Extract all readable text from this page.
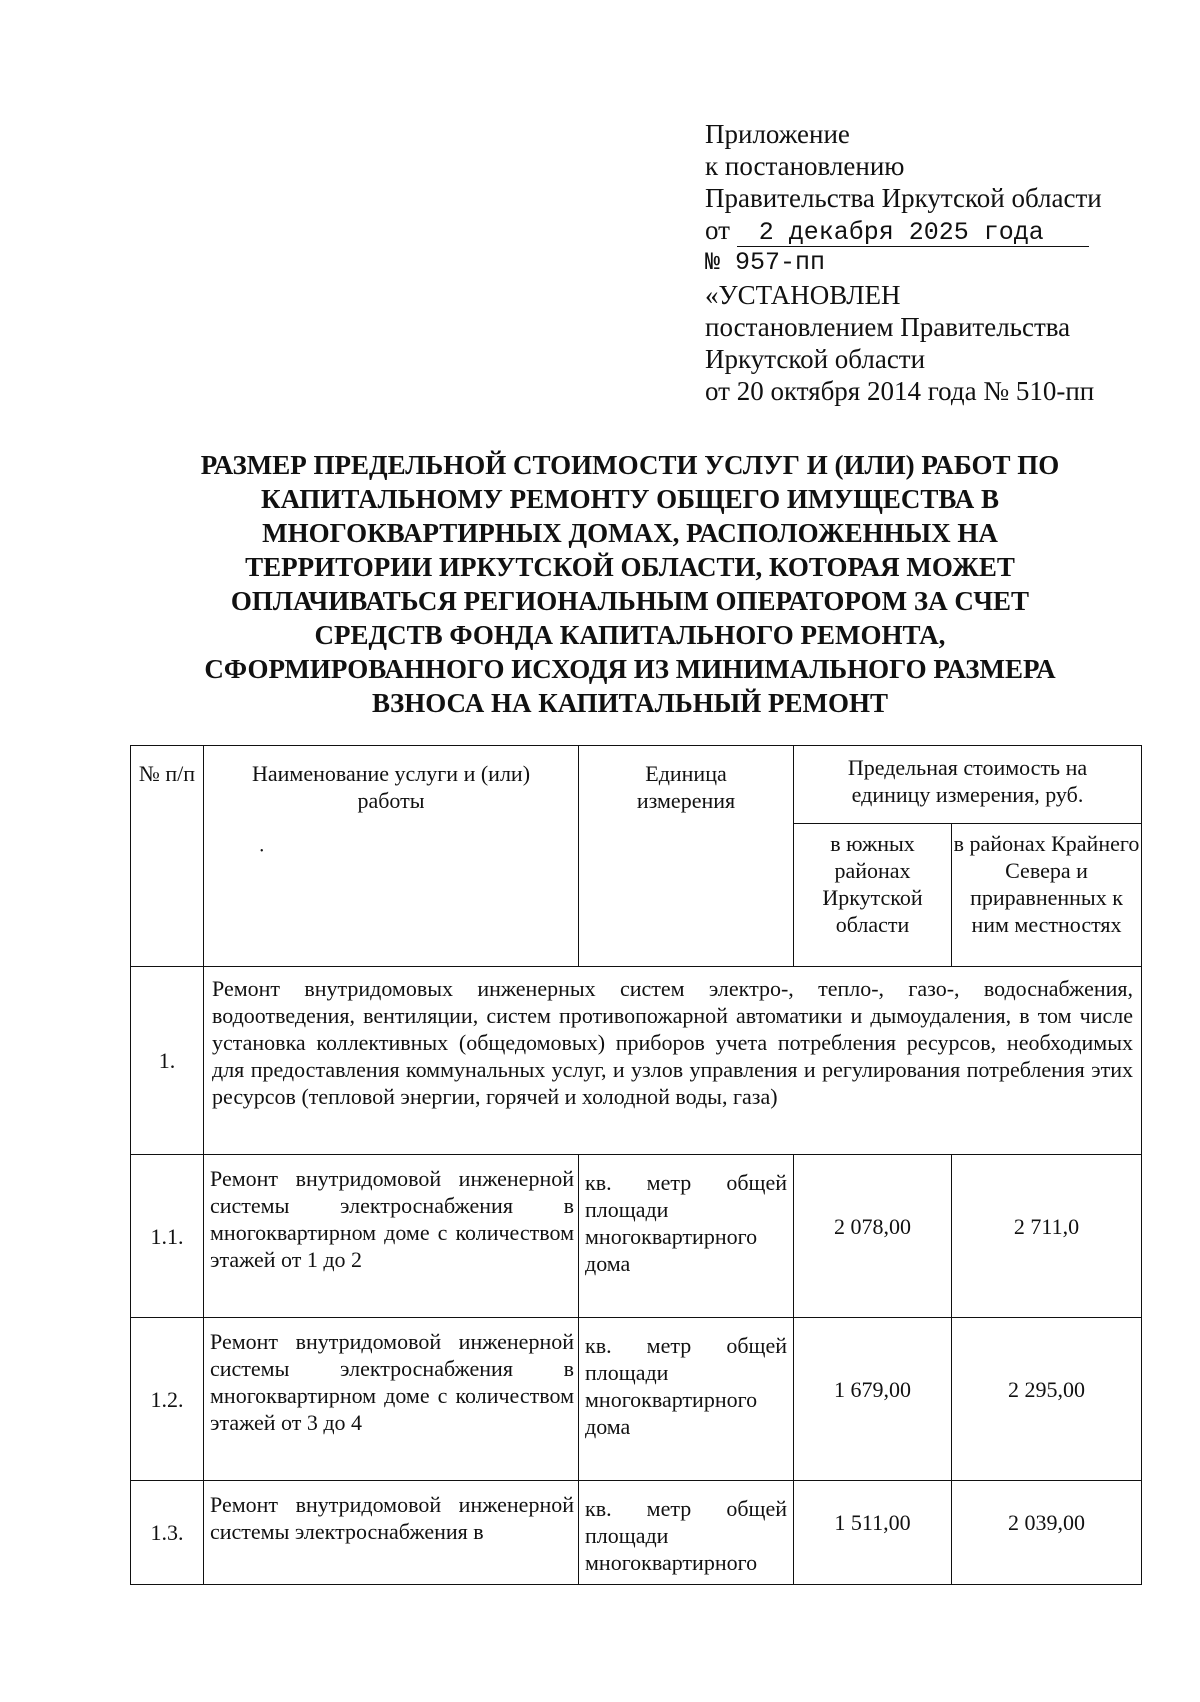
Приложение
к постановлению
Правительства Иркутской области
от 2 декабря 2025 года
№ 957-пп
«УСТАНОВЛЕН
постановлением Правительства
Иркутской области
от 20 октября 2014 года № 510-пп
РАЗМЕР ПРЕДЕЛЬНОЙ СТОИМОСТИ УСЛУГ И (ИЛИ) РАБОТ ПО
КАПИТАЛЬНОМУ РЕМОНТУ ОБЩЕГО ИМУЩЕСТВА В
МНОГОКВАРТИРНЫХ ДОМАХ, РАСПОЛОЖЕННЫХ НА
ТЕРРИТОРИИ ИРКУТСКОЙ ОБЛАСТИ, КОТОРАЯ МОЖЕТ
ОПЛАЧИВАТЬСЯ РЕГИОНАЛЬНЫМ ОПЕРАТОРОМ ЗА СЧЕТ
СРЕДСТВ ФОНДА КАПИТАЛЬНОГО РЕМОНТА,
СФОРМИРОВАННОГО ИСХОДЯ ИЗ МИНИМАЛЬНОГО РАЗМЕРА
ВЗНОСА НА КАПИТАЛЬНЫЙ РЕМОНТ
•
№ п/п	Наименование услуги и (или) работы	Единица измерения	Предельная стоимость на единицу измерения, руб.	
			в южных районах Иркутской области	в районах Крайнего Севера и приравненных к ним местностях
1.	Ремонт внутридомовых инженерных систем электро-, тепло-, газо-, водоснабжения, водоотведения, вентиляции, систем противопожарной автоматики и дымоудаления, в том числе установка коллективных (общедомовых) приборов учета потребления ресурсов, необходимых для предоставления коммунальных услуг, и узлов управления и регулирования потребления этих ресурсов (тепловой энергии, горячей и холодной воды, газа)			
1.1.	Ремонт внутридомовой инженерной системы электроснабжения в многоквартирном доме с количеством этажей от 1 до 2	кв. метр общей площади многоквартирного дома	2 078,00	2 711,0
1.2.	Ремонт внутридомовой инженерной системы электроснабжения в многоквартирном доме с количеством этажей от 3 до 4	кв. метр общей площади многоквартирного дома	1 679,00	2 295,00
1.3.	Ремонт внутридомовой инженерной системы электроснабжения в	кв. метр общей площади многоквартирного	1 511,00	2 039,00
